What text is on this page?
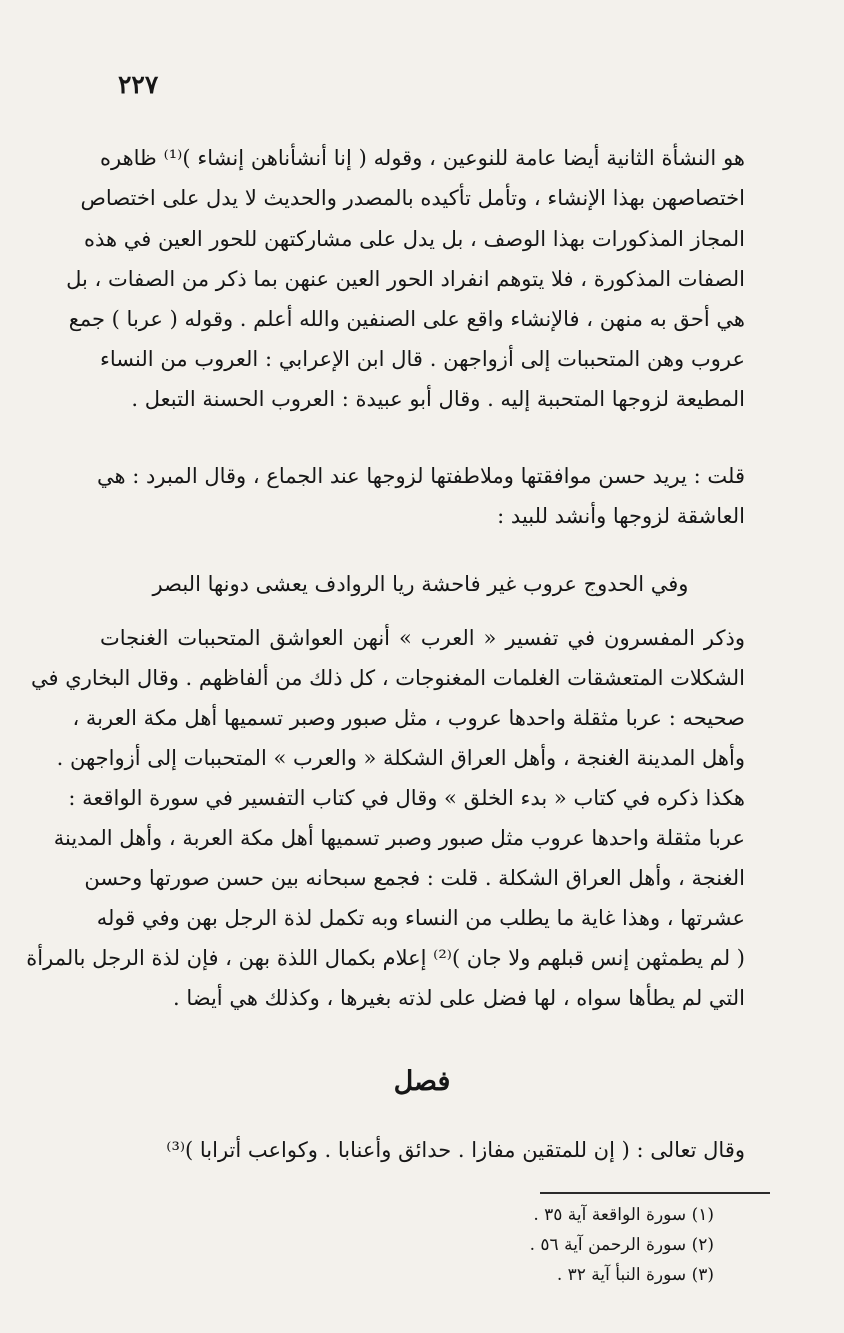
٢٢٧
هو النشأة الثانية أيضا عامة للنوعين ، وقوله ( إنا أنشأناهن إنشاء )⁽¹⁾ ظاهره
اختصاصهن بهذا الإنشاء ، وتأمل تأكيده بالمصدر والحديث لا يدل على اختصاص
المجاز المذكورات بهذا الوصف ، بل يدل على مشاركتهن للحور العين في هذه
الصفات المذكورة ، فلا يتوهم انفراد الحور العين عنهن بما ذكر من الصفات ، بل
هي أحق به منهن ، فالإنشاء واقع على الصنفين والله أعلم . وقوله ( عربا ) جمع
عروب وهن المتحببات إلى أزواجهن . قال ابن الإعرابي : العروب من النساء
المطيعة لزوجها المتحببة إليه . وقال أبو عبيدة : العروب الحسنة التبعل .
قلت : يريد حسن موافقتها وملاطفتها لزوجها عند الجماع ، وقال المبرد : هي
العاشقة لزوجها وأنشد للبيد :
وفي الحدوج عروب غير فاحشة ريا الروادف يعشى دونها البصر
وذكر المفسرون في تفسير « العرب » أنهن العواشق المتحببات الغنجات
الشكلات المتعشقات الغلمات المغنوجات ، كل ذلك من ألفاظهم . وقال البخاري في
صحيحه : عربا مثقلة واحدها عروب ، مثل صبور وصبر تسميها أهل مكة العربة ،
وأهل المدينة الغنجة ، وأهل العراق الشكلة « والعرب » المتحببات إلى أزواجهن .
هكذا ذكره في كتاب « بدء الخلق » وقال في كتاب التفسير في سورة الواقعة :
عربا مثقلة واحدها عروب مثل صبور وصبر تسميها أهل مكة العربة ، وأهل المدينة
الغنجة ، وأهل العراق الشكلة . قلت : فجمع سبحانه بين حسن صورتها وحسن
عشرتها ، وهذا غاية ما يطلب من النساء وبه تكمل لذة الرجل بهن وفي قوله
( لم يطمثهن إنس قبلهم ولا جان )⁽²⁾ إعلام بكمال اللذة بهن ، فإن لذة الرجل بالمرأة
التي لم يطأها سواه ، لها فضل على لذته بغيرها ، وكذلك هي أيضا .
فصل
وقال تعالى : ( إن للمتقين مفازا . حدائق وأعنابا . وكواعب أترابا )⁽³⁾
(١) سورة الواقعة آية ٣٥ .
(٢) سورة الرحمن آية ٥٦ .
(٣) سورة النبأ آية ٣٢ .
